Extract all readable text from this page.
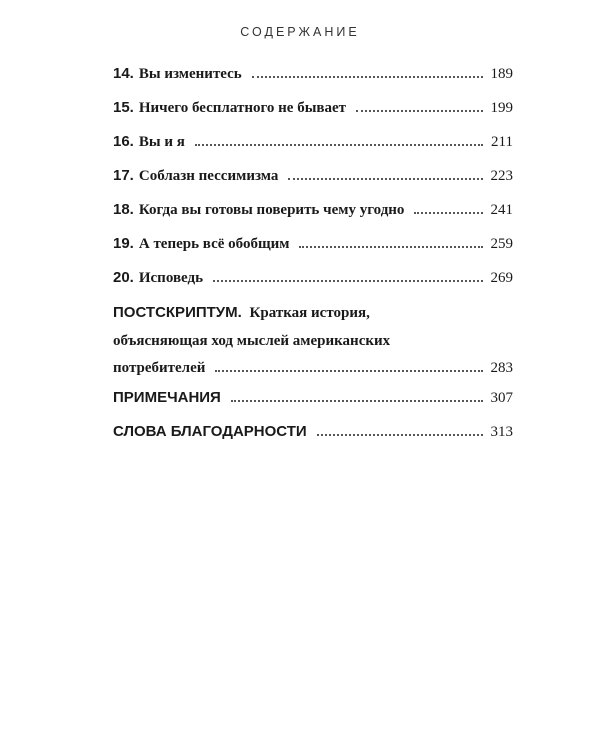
СОДЕРЖАНИЕ
14. Вы изменитесь	189
15. Ничего бесплатного не бывает	199
16. Вы и я	211
17. Соблазн пессимизма	223
18. Когда вы готовы поверить чему угодно	241
19. А теперь всё обобщим	259
20. Исповедь	269
ПОСТСКРИПТУМ. Краткая история,
объясняющая ход мыслей американских
потребителей	283
ПРИМЕЧАНИЯ	307
СЛОВА БЛАГОДАРНОСТИ	313
